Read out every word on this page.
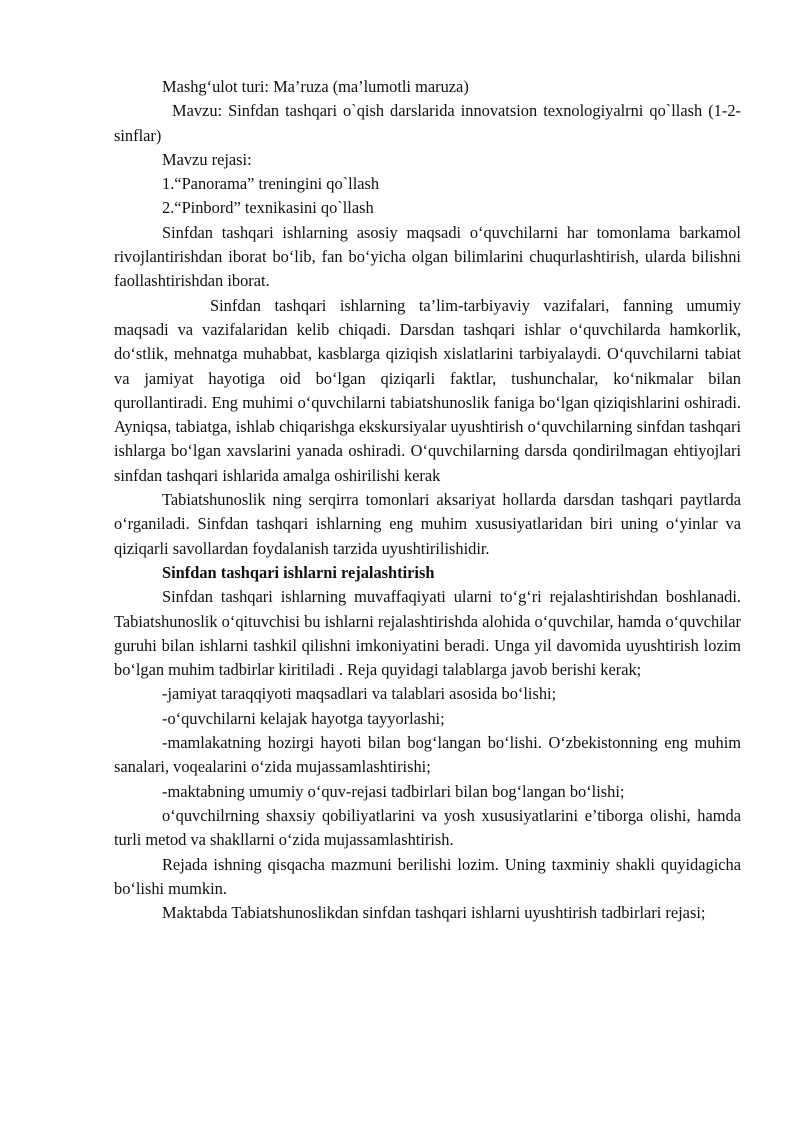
Mashg‘ulot turi: Ma’ruza (ma’lumotli maruza)

Mavzu: Sinfdan tashqari o`qish darslarida innovatsion texnologiyalrni qo`llash (1-2-sinflar)

Mavzu rejasi:

1.“Panorama” treningini qo`llash

2.“Pinbord” texnikasini qo`llash

Sinfdan tashqari ishlarning asosiy maqsadi o‘quvchilarni har tomonlama barkamol rivojlantirishdan iborat bo‘lib, fan bo‘yicha olgan bilimlarini chuqurlashtirish, ularda bilishni faollashtirishdan iborat.

Sinfdan tashqari ishlarning ta’lim-tarbiyaviy vazifalari, fanning umumiy maqsadi va vazifalaridan kelib chiqadi. Darsdan tashqari ishlar o‘quvchilarda hamkorlik, do‘stlik, mehnatga muhabbat, kasblarga qiziqish xislatlarini tarbiyalaydi. O‘quvchilarni tabiat va jamiyat hayotiga oid bo‘lgan qiziqarli faktlar, tushunchalar, ko‘nikmalar bilan qurollantiradi. Eng muhimi o‘quvchilarni tabiatshunoslik faniga bo‘lgan qiziqishlarini oshiradi. Ayniqsa, tabiatga, ishlab chiqarishga ekskursiyalar uyushtirish o‘quvchilarning sinfdan tashqari ishlarga bo‘lgan xavslarini yanada oshiradi. O‘quvchilarning darsda qondirilmagan ehtiyojlari sinfdan tashqari ishlarida amalga oshirilishi kerak

Tabiatshunoslik ning serqirra tomonlari aksariyat hollarda darsdan tashqari paytlarda o‘rganiladi. Sinfdan tashqari ishlarning eng muhim xususiyatlaridan biri uning o‘yinlar va qiziqarli savollardan foydalanish tarzida uyushtirilishidir.

Sinfdan tashqari ishlarni rejalashtirish

Sinfdan tashqari ishlarning muvaffaqiyati ularni to‘g‘ri rejalashtirishdan boshlanadi. Tabiatshunoslik o‘qituvchisi bu ishlarni rejalashtirishda alohida o‘quvchilar, hamda o‘quvchilar guruhi bilan ishlarni tashkil qilishni imkoniyatini beradi. Unga yil davomida uyushtirish lozim bo‘lgan muhim tadbirlar kiritiladi . Reja quyidagi talablarga javob berishi kerak;

-jamiyat taraqqiyoti maqsadlari va talablari asosida bo‘lishi;

-o‘quvchilarni kelajak hayotga tayyorlashi;

-mamlakatning hozirgi hayoti bilan bog‘langan bo‘lishi. O‘zbekistonning eng muhim sanalari, voqealarini o‘zida mujassamlashtirishi;

-maktabning umumiy o‘quv-rejasi tadbirlari bilan bog‘langan bo‘lishi;

o‘quvchilrning shaxsiy qobiliyatlarini va yosh xususiyatlarini e’tiborga olishi, hamda turli metod va shakllarni o‘zida mujassamlashtirish.

Rejada ishning qisqacha mazmuni berilishi lozim. Uning taxminiy shakli quyidagicha bo‘lishi mumkin.

Maktabda Tabiatshunoslikdan sinfdan tashqari ishlarni uyushtirish tadbirlari rejasi;
